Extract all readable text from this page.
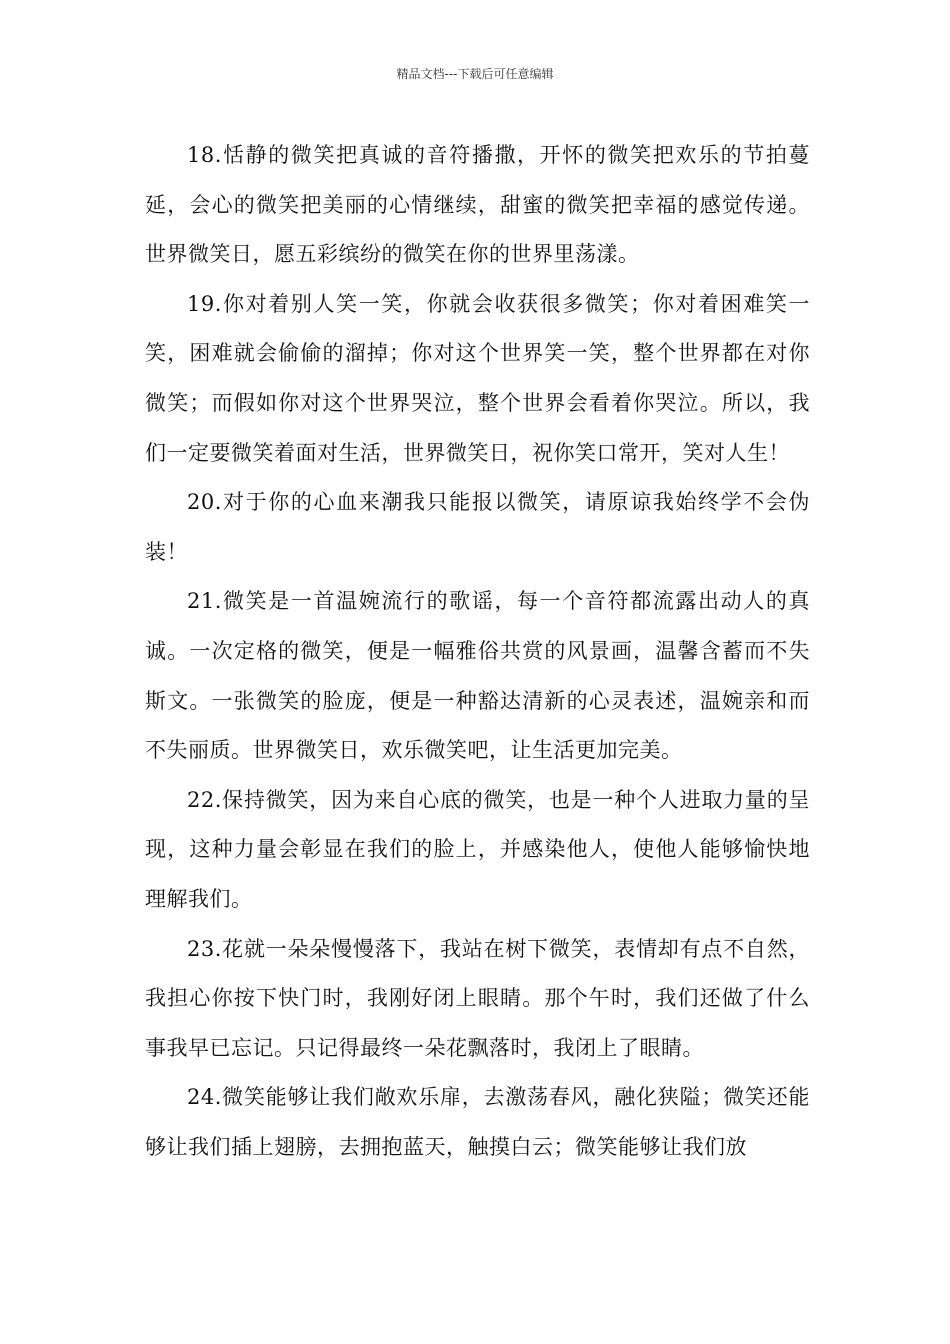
精品文档---下载后可任意编辑

18.恬静的微笑把真诚的音符播撒，开怀的微笑把欢乐的节拍蔓延，会心的微笑把美丽的心情继续，甜蜜的微笑把幸福的感觉传递。世界微笑日，愿五彩缤纷的微笑在你的世界里荡漾。

19.你对着别人笑一笑，你就会收获很多微笑；你对着困难笑一笑，困难就会偷偷的溜掉；你对这个世界笑一笑，整个世界都在对你微笑；而假如你对这个世界哭泣，整个世界会看着你哭泣。所以，我们一定要微笑着面对生活，世界微笑日，祝你笑口常开，笑对人生！

20.对于你的心血来潮我只能报以微笑，请原谅我始终学不会伪装！

21.微笑是一首温婉流行的歌谣，每一个音符都流露出动人的真诚。一次定格的微笑，便是一幅雅俗共赏的风景画，温馨含蓄而不失斯文。一张微笑的脸庞，便是一种豁达清新的心灵表述，温婉亲和而不失丽质。世界微笑日，欢乐微笑吧，让生活更加完美。

22.保持微笑，因为来自心底的微笑，也是一种个人进取力量的呈现，这种力量会彰显在我们的脸上，并感染他人，使他人能够愉快地理解我们。

23.花就一朵朵慢慢落下，我站在树下微笑，表情却有点不自然，我担心你按下快门时，我刚好闭上眼睛。那个午时，我们还做了什么事我早已忘记。只记得最终一朵花飘落时，我闭上了眼睛。

24.微笑能够让我们敞欢乐扉，去激荡春风，融化狭隘；微笑还能够让我们插上翅膀，去拥抱蓝天，触摸白云；微笑能够让我们放
